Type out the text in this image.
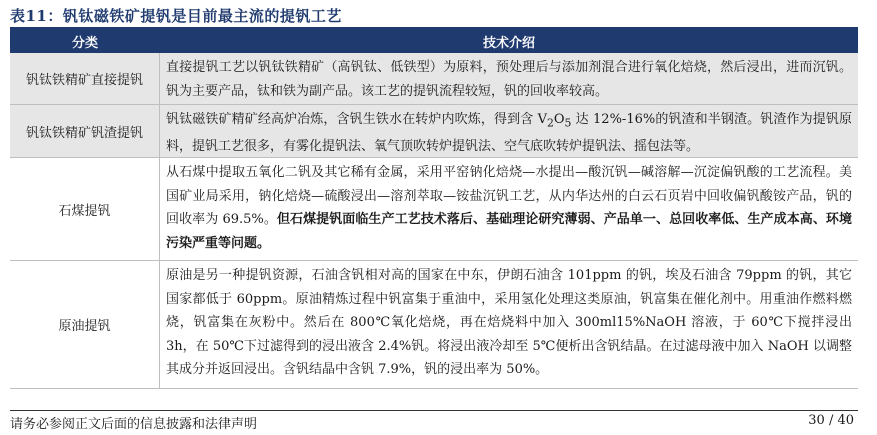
表11：钒钛磁铁矿提钒是目前最主流的提钒工艺
分类	技术介绍
钒钛铁精矿直接提钒
直接提钒工艺以钒钛铁精矿（高钒钛、低铁型）为原料，预处理后与添加剂混合进行氧化焙烧，然后浸出，进而沉钒。钒为主要产品，钛和铁为副产品。该工艺的提钒流程较短，钒的回收率较高。
钒钛铁精矿钒渣提钒
钒钛磁铁矿精矿经高炉冶炼，含钒生铁水在转炉内吹炼，得到含 $V_2O_5$ 达 12%-16%的钒渣和半钢渣。钒渣作为提钒原料，提钒工艺很多，有雾化提钒法、氧气顶吹转炉提钒法、空气底吹转炉提钒法、摇包法等。
石煤提钒
从石煤中提取五氧化二钒及其它稀有金属，采用平窑钠化焙烧—水提出—酸沉钒—碱溶解—沉淀偏钒酸的工艺流程。美国矿业局采用，钠化焙烧—硫酸浸出—溶剂萃取—铵盐沉钒工艺，从内华达州的白云石页岩中回收偏钒酸铵产品，钒的回收率为 69.5%。但石煤提钒面临生产工艺技术落后、基础理论研究薄弱、产品单一、总回收率低、生产成本高、环境污染严重等问题。
原油提钒
原油是另一种提钒资源，石油含钒相对高的国家在中东，伊朗石油含 101ppm 的钒，埃及石油含 79ppm 的钒，其它国家都低于 60ppm。原油精炼过程中钒富集于重油中，采用氢化处理这类原油，钒富集在催化剂中。用重油作燃料燃烧，钒富集在灰粉中。然后在 800℃氧化焙烧，再在焙烧料中加入 300ml15%NaOH 溶液，于 60℃下搅拌浸出 3h，在 50℃下过滤得到的浸出液含 2.4%钒。将浸出液冷却至 5℃便析出含钒结晶。在过滤母液中加入 NaOH 以调整其成分并返回浸出。含钒结晶中含钒 7.9%，钒的浸出率为 50%。
请务必参阅正文后面的信息披露和法律声明	30 / 40
